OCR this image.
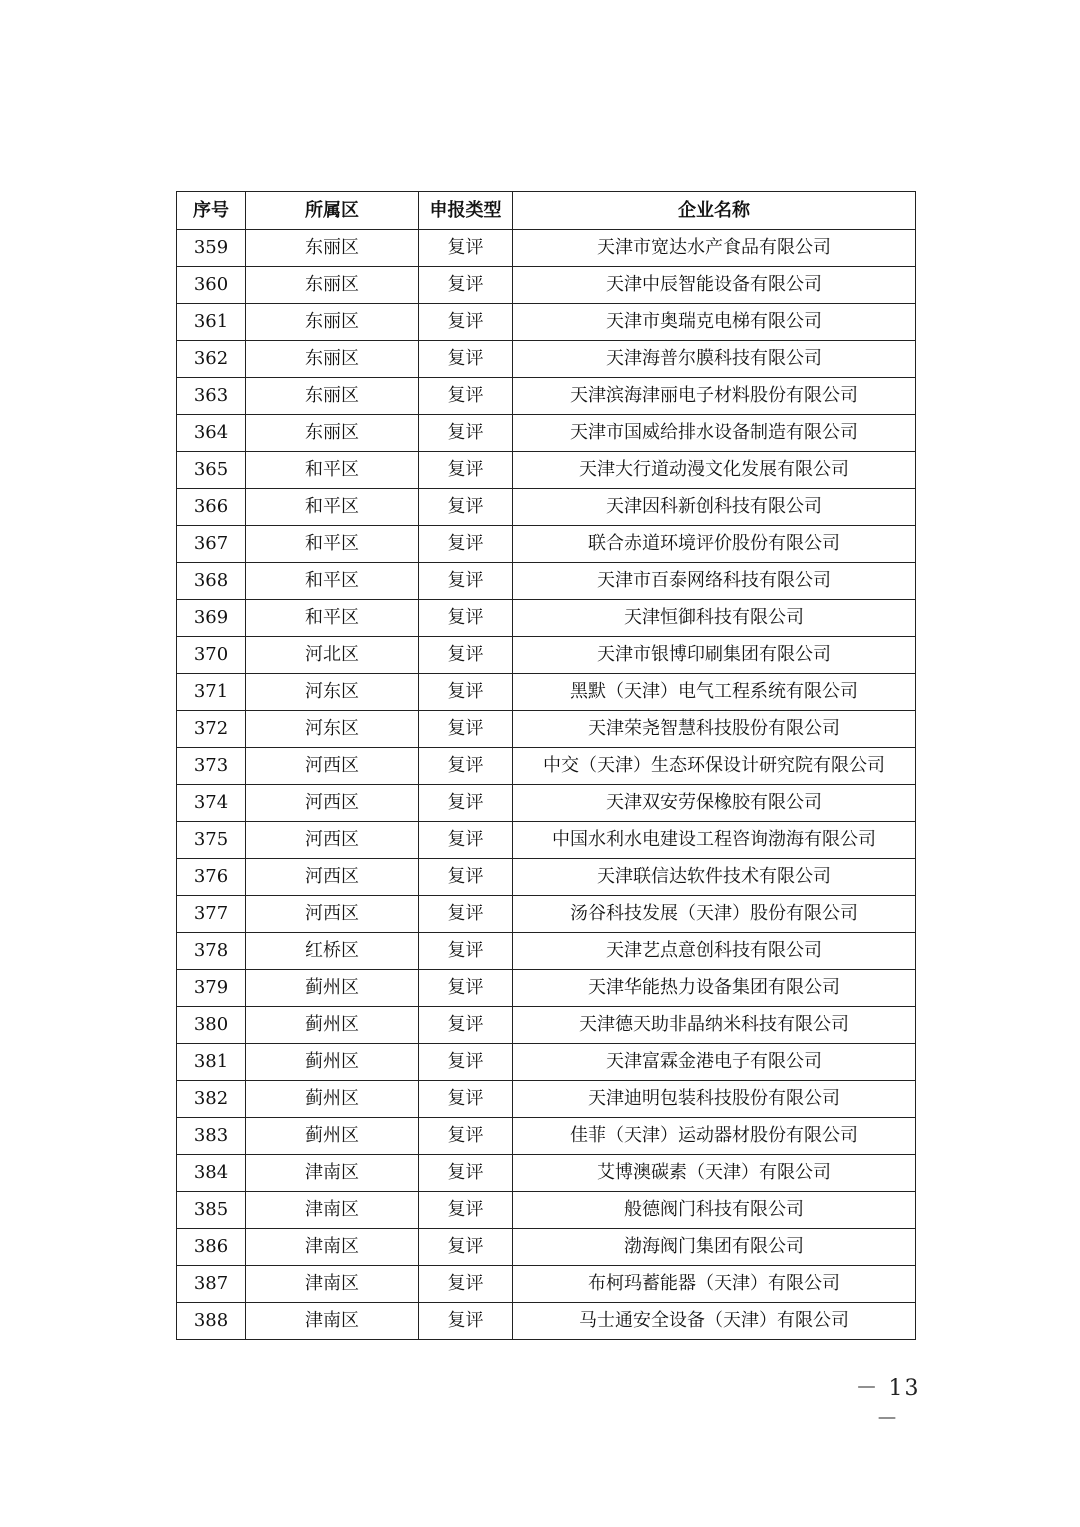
序号	所属区	申报类型	企业名称
359	东丽区	复评	天津市宽达水产食品有限公司
360	东丽区	复评	天津中辰智能设备有限公司
361	东丽区	复评	天津市奥瑞克电梯有限公司
362	东丽区	复评	天津海普尔膜科技有限公司
363	东丽区	复评	天津滨海津丽电子材料股份有限公司
364	东丽区	复评	天津市国威给排水设备制造有限公司
365	和平区	复评	天津大行道动漫文化发展有限公司
366	和平区	复评	天津因科新创科技有限公司
367	和平区	复评	联合赤道环境评价股份有限公司
368	和平区	复评	天津市百泰网络科技有限公司
369	和平区	复评	天津恒御科技有限公司
370	河北区	复评	天津市银博印刷集团有限公司
371	河东区	复评	黑默（天津）电气工程系统有限公司
372	河东区	复评	天津荣尧智慧科技股份有限公司
373	河西区	复评	中交（天津）生态环保设计研究院有限公司
374	河西区	复评	天津双安劳保橡胶有限公司
375	河西区	复评	中国水利水电建设工程咨询渤海有限公司
376	河西区	复评	天津联信达软件技术有限公司
377	河西区	复评	汤谷科技发展（天津）股份有限公司
378	红桥区	复评	天津艺点意创科技有限公司
379	蓟州区	复评	天津华能热力设备集团有限公司
380	蓟州区	复评	天津德天助非晶纳米科技有限公司
381	蓟州区	复评	天津富霖金港电子有限公司
382	蓟州区	复评	天津迪明包装科技股份有限公司
383	蓟州区	复评	佳菲（天津）运动器材股份有限公司
384	津南区	复评	艾博澳碳素（天津）有限公司
385	津南区	复评	般德阀门科技有限公司
386	津南区	复评	渤海阀门集团有限公司
387	津南区	复评	布柯玛蓄能器（天津）有限公司
388	津南区	复评	马士通安全设备（天津）有限公司
－ 13 －
